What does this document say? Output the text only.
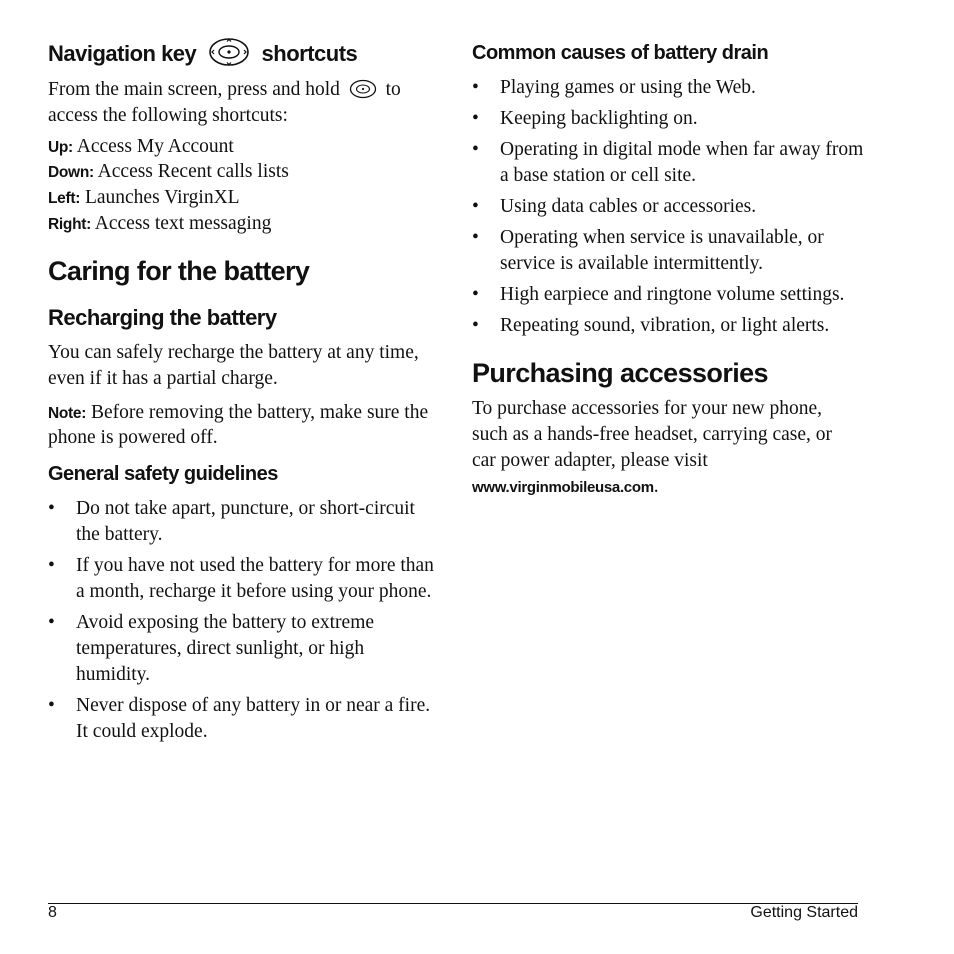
Navigation key	shortcuts

From the main screen, press and hold to

access the following shortcuts:

Up: Access My Account

Down: Access Recent calls lists

Left: Launches VirginXL

Right: Access text messaging

Caring for the battery
Recharging the battery

You can safely recharge the battery at any time,

even if it has a partial charge.

Note: Before removing the battery, make sure the

phone is powered off.

General safety guidelines
• Do not take apart, puncture, or short-circuit
the battery.
• If you have not used the battery for more than
a month, recharge it before using your phone.
• Avoid exposing the battery to extreme
temperatures, direct sunlight, or high
humidity.
• Never dispose of any battery in or near a fire.
It could explode.
Common causes of battery drain
• Playing games or using the Web.
• Keeping backlighting on.
• Operating in digital mode when far away from
a base station or cell site.
• Using data cables or accessories.
• Operating when service is unavailable, or
service is available intermittently.
• High earpiece and ringtone volume settings.
• Repeating sound, vibration, or light alerts.
Purchasing accessories

To purchase accessories for your new phone,

such as a hands-free headset, carrying case, or

car power adapter, please visit

www.virginmobileusa.com.

8	Getting Started
